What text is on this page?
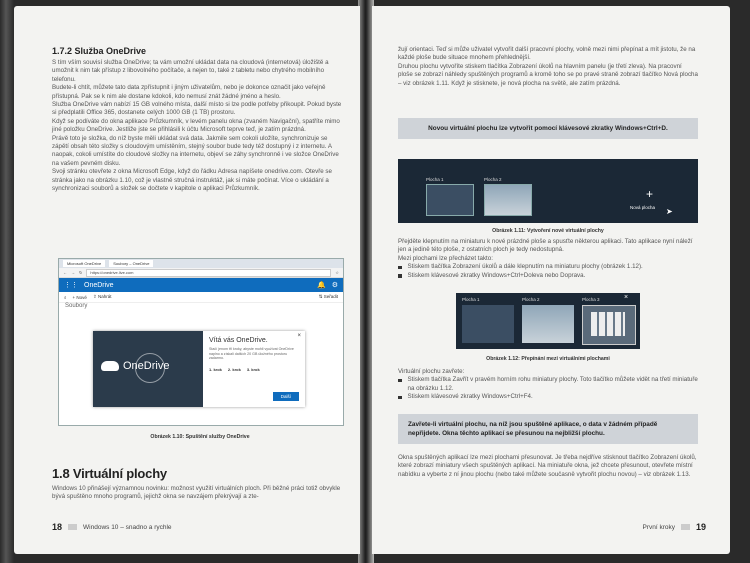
1.7.2 Služba OneDrive

S tím vším souvisí služba OneDrive; ta vám umožní ukládat data na cloudová (internetová) úložiště a umožnit k nim tak přístup z libovolného počítače, a nejen to, také z tabletu nebo chytrého mobilního telefonu.

Budete-li chtít, můžete tato data zpřístupnit i jiným uživatelům, nebo je dokonce označit jako veřejně přístupná. Pak se k nim ale dostane kdokoli, kdo nemusí znát žádné jméno a heslo.

Služba OneDrive vám nabízí 15 GB volného místa, další místo si lze podle potřeby přikoupit. Pokud byste si předplatili Office 365, dostanete celých 1000 GB (1 TB) prostoru.

Když se podíváte do okna aplikace Průzkumník, v levém panelu okna (zvaném Navigační), spatříte mimo jiné položku OneDrive. Jestliže jste se přihlásili k účtu Microsoft teprve teď, je zatím prázdná.

Právě toto je složka, do níž byste měli ukládat svá data. Jakmile sem cokoli uložíte, synchronizuje se zápětí obsah této složky s cloudovým umístěním, stejný soubor bude tedy též dostupný i z internetu. A naopak, cokoli umístíte do cloudové složky na internetu, objeví se záhy synchronně i ve složce OneDrive na vašem pevném disku.

Svoji stránku otevřete z okna Microsoft Edge, když do řádku Adresa napíšete onedrive.com. Otevře se stránka jako na obrázku 1.10, což je vlastně stručná instruktáž, jak si máte počínat. Více o ukládání a synchronizaci souborů a složek se dočtete v kapitole o aplikaci Průzkumník.

Microsoft OneDrive	Soubory – OneDrive
← → ↻	https://onedrive.live.com	☆
⋮⋮ OneDrive	🔔 ⚙
⌕ + Nové ⇪ Nahrát	⇅ Seřadit
Soubory
OneDrive
Vítá vás OneDrive.
Stačí jenom tři kroky, abyste mohli využívat OneDrive naplno a získali dalších 20 GB úložného prostoru zadarmo.
1. krok 2. krok 3. krok
×
Další
Obrázek 1.10: Spuštění služby OneDrive
1.8 Virtuální plochy

Windows 10 přinášejí významnou novinku: možnost využití virtuálních ploch. Při běžné práci totiž obvykle bývá spuštěno mnoho programů, jejichž okna se navzájem překrývají a zte-

18	Windows 10 – snadno a rychle

žují orientaci. Teď si může uživatel vytvořit další pracovní plochy, volně mezi nimi přepínat a mít jistotu, že na každé ploše bude situace mnohem přehlednější.

Druhou plochu vytvoříte stiskem tlačítka Zobrazení úkolů na hlavním panelu (je třetí zleva). Na pracovní ploše se zobrazí náhledy spuštěných programů a kromě toho se po pravé straně zobrazí tlačítko Nová plocha – viz obrázek 1.11. Když je stisknete, je nová plocha na světě, ale zatím prázdná.

Novou virtuální plochu lze vytvořit pomocí klávesové zkratky Windows+Ctrl+D.
Plocha 1	Plocha 2
+
Nová plocha ➤
Obrázek 1.11: Vytvoření nové virtuální plochy

Přejděte klepnutím na miniaturu k nové prázdné ploše a spusťte některou aplikaci. Tato aplikace nyní náleží jen a jedině této ploše, z ostatních ploch je tedy nedostupná.

Mezi plochami lze přecházet takto:

Stiskem tlačítka Zobrazení úkolů a dále klepnutím na miniaturu plochy (obrázek 1.12).
Stiskem klávesové zkratky Windows+Ctrl+Doleva nebo Doprava.
Plocha 1	Plocha 2	Plocha 3	×
Obrázek 1.12: Přepínání mezi virtuálními plochami

Virtuální plochu zavřete:

Stiskem tlačítka Zavřít v pravém horním rohu miniatury plochy. Toto tlačítko můžete vidět na třetí miniatuře na obrázku 1.12.
Stiskem klávesové zkratky Windows+Ctrl+F4.
Zavřete-li virtuální plochu, na níž jsou spuštěné aplikace, o data v žádném případě nepřijdete. Okna těchto aplikací se přesunou na nejbližší plochu.

Okna spuštěných aplikací lze mezi plochami přesunovat. Je třeba nejdříve stisknout tlačítko Zobrazení úkolů, které zobrazí miniatury všech spuštěných aplikací. Na miniatuře okna, jež chcete přesunout, otevřete místní nabídku a vyberte z ní jinou plochu (nebo také můžete současně vytvořit plochu novou) – viz obrázek 1.13.

První kroky 19
